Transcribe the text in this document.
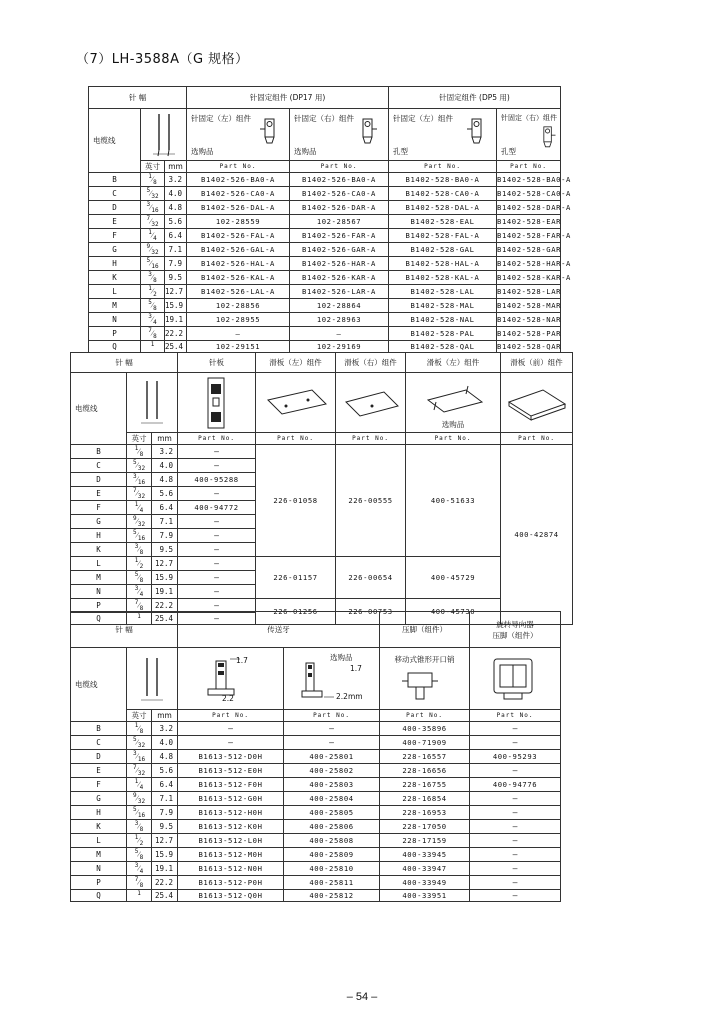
（7）LH-3588A（G 规格）
针 幅			针固定组件 (DP17 用)		针固定组件 (DP5 用)	
电缆线			针固定（左）组件
选购品	针固定（右）组件
选购品	针固定（左）组件
孔型	针固定（右）组件
孔型

	英寸	mm	Part No.	Part No.	Part No.	Part No.
B	$^1⁄_8$	3.2	B1402-526-BA0-A	B1402-526-BA0-A	B1402-528-BA0-A	B1402-528-BA0-A
C	$^5⁄_{32}$	4.0	B1402-526-CA0-A	B1402-526-CA0-A	B1402-528-CA0-A	B1402-528-CA0-A
D	$^3⁄_{16}$	4.8	B1402-526-DAL-A	B1402-526-DAR-A	B1402-528-DAL-A	B1402-528-DAR-A
E	$^7⁄_{32}$	5.6	102-28559	102-28567	B1402-528-EAL	B1402-528-EAR
F	$^1⁄_4$	6.4	B1402-526-FAL-A	B1402-526-FAR-A	B1402-528-FAL-A	B1402-528-FAR-A
G	$^9⁄_{32}$	7.1	B1402-526-GAL-A	B1402-526-GAR-A	B1402-528-GAL	B1402-528-GAR
H	$^5⁄_{16}$	7.9	B1402-526-HAL-A	B1402-526-HAR-A	B1402-528-HAL-A	B1402-528-HAR-A
K	$^3⁄_8$	9.5	B1402-526-KAL-A	B1402-526-KAR-A	B1402-528-KAL-A	B1402-528-KAR-A
L	$^1⁄_2$	12.7	B1402-526-LAL-A	B1402-526-LAR-A	B1402-528-LAL	B1402-528-LAR
M	$^5⁄_8$	15.9	102-28856	102-28864	B1402-528-MAL	B1402-528-MAR
N	$^3⁄_4$	19.1	102-28955	102-28963	B1402-528-NAL	B1402-528-NAR
P	$^7⁄_8$	22.2	—	—	B1402-528-PAL	B1402-528-PAR
Q	$^1$	25.4	102-29151	102-29169	B1402-528-QAL	B1402-528-QAR
针 幅			针板	滑板（左）组件	滑板（右）组件	滑板（左）组件	滑板（前）组件
电缆线						选购品

	英寸	mm	Part No.	Part No.	Part No.	Part No.	Part No.
B	$^1⁄_8$	3.2	—	226-01058	226-00555	400-51633	400-42874
C	$^5⁄_{32}$	4.0	—				
D	$^3⁄_{16}$	4.8	400-95288				
E	$^7⁄_{32}$	5.6	—				
F	$^1⁄_4$	6.4	400-94772				
G	$^9⁄_{32}$	7.1	—				
H	$^5⁄_{16}$	7.9	—				
K	$^3⁄_8$	9.5	—				
L	$^1⁄_2$	12.7	—	226-01157	226-00654	400-45729	
M	$^5⁄_8$	15.9	—				
N	$^3⁄_4$	19.1	—				
P	$^7⁄_8$	22.2	—	226-01256	226-00753	400-45730	
Q	$^1$	25.4	—				
针 幅			传送牙		压脚（组件）	旋转导向器
压脚（组件）

电缆线			1.7
2.2	选购品
1.7
2.2mm	移动式锥形开口销

	英寸	mm	Part No.	Part No.	Part No.	Part No.
B	$^1⁄_8$	3.2	—	—	400-35896	—
C	$^5⁄_{32}$	4.0	—	—	400-71909	—
D	$^3⁄_{16}$	4.8	B1613-512-D0H	400-25801	228-16557	400-95293
E	$^7⁄_{32}$	5.6	B1613-512-E0H	400-25802	228-16656	—
F	$^1⁄_4$	6.4	B1613-512-F0H	400-25803	228-16755	400-94776
G	$^9⁄_{32}$	7.1	B1613-512-G0H	400-25804	228-16854	—
H	$^5⁄_{16}$	7.9	B1613-512-H0H	400-25805	228-16953	—
K	$^3⁄_8$	9.5	B1613-512-K0H	400-25806	228-17050	—
L	$^1⁄_2$	12.7	B1613-512-L0H	400-25808	228-17159	—
M	$^5⁄_8$	15.9	B1613-512-M0H	400-25809	400-33945	—
N	$^3⁄_4$	19.1	B1613-512-N0H	400-25810	400-33947	—
P	$^7⁄_8$	22.2	B1613-512-P0H	400-25811	400-33949	—
Q	$^1$	25.4	B1613-512-Q0H	400-25812	400-33951	—
– 54 –
